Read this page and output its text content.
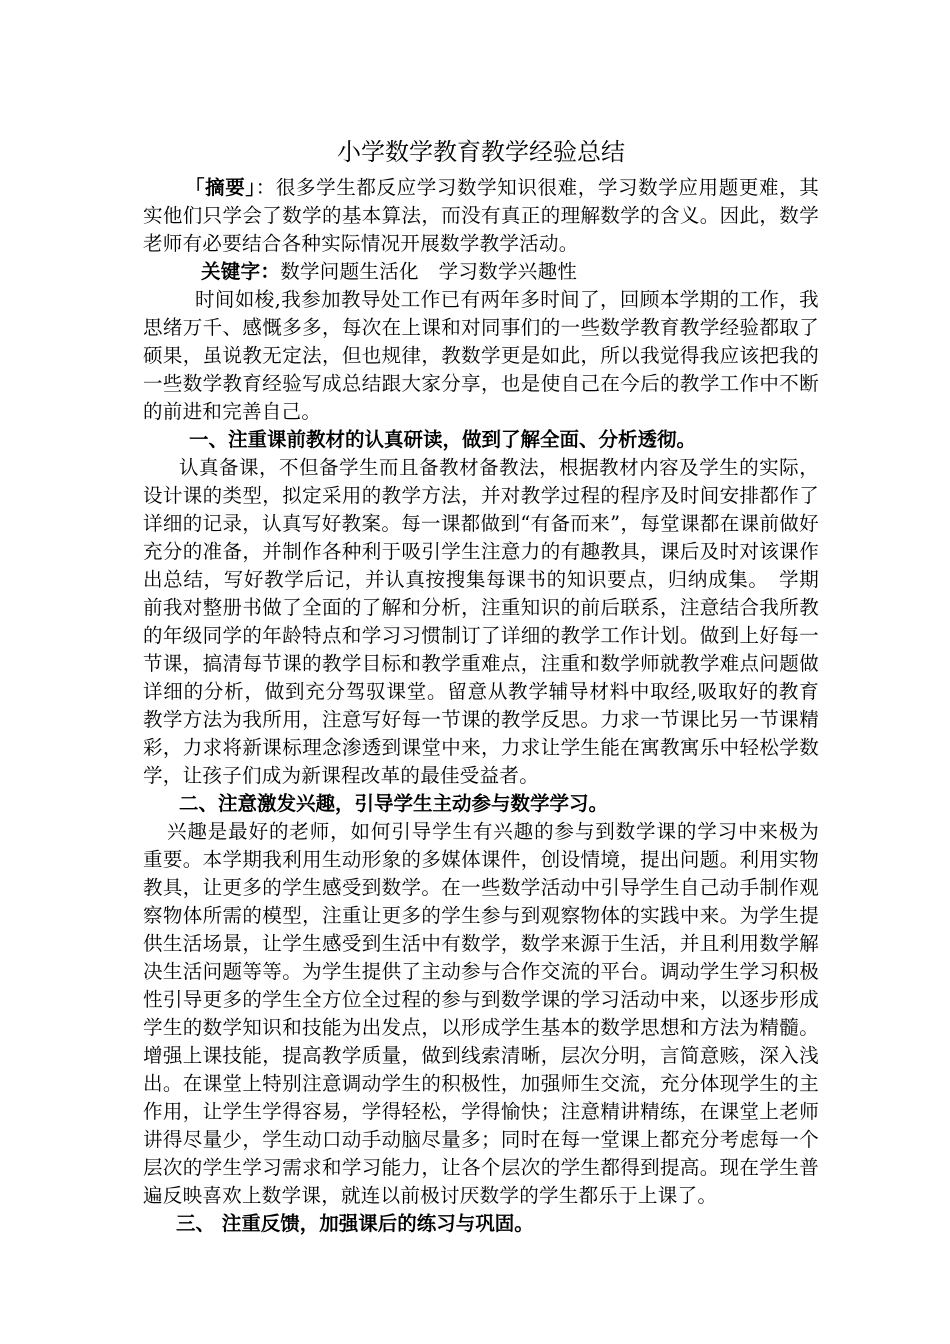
小学数学教育教学经验总结

「摘要」：很多学生都反应学习数学知识很难，学习数学应用题更难，其实他们只学会了数学的基本算法，而没有真正的理解数学的含义。因此，数学老师有必要结合各种实际情况开展数学教学活动。

关键字：数学问题生活化　学习数学兴趣性

时间如梭,我参加教导处工作已有两年多时间了，回顾本学期的工作，我思绪万千、感慨多多，每次在上课和对同事们的一些数学教育教学经验都取了硕果，虽说教无定法，但也规律，教数学更是如此，所以我觉得我应该把我的一些数学教育经验写成总结跟大家分享，也是使自己在今后的教学工作中不断的前进和完善自己。

一、注重课前教材的认真研读，做到了解全面、分析透彻。

认真备课，不但备学生而且备教材备教法，根据教材内容及学生的实际，设计课的类型，拟定采用的教学方法，并对教学过程的程序及时间安排都作了详细的记录，认真写好教案。每一课都做到“有备而来”，每堂课都在课前做好充分的准备，并制作各种利于吸引学生注意力的有趣教具，课后及时对该课作出总结，写好教学后记，并认真按搜集每课书的知识要点，归纳成集。　学期前我对整册书做了全面的了解和分析，注重知识的前后联系，注意结合我所教的年级同学的年龄特点和学习习惯制订了详细的教学工作计划。做到上好每一节课，搞清每节课的教学目标和教学重难点，注重和数学师就教学难点问题做详细的分析，做到充分驾驭课堂。留意从教学辅导材料中取经,吸取好的教育教学方法为我所用，注意写好每一节课的教学反思。力求一节课比另一节课精彩，力求将新课标理念渗透到课堂中来，力求让学生能在寓教寓乐中轻松学数学，让孩子们成为新课程改革的最佳受益者。

二、注意激发兴趣，引导学生主动参与数学学习。

兴趣是最好的老师，如何引导学生有兴趣的参与到数学课的学习中来极为重要。本学期我利用生动形象的多媒体课件，创设情境，提出问题。利用实物教具，让更多的学生感受到数学。在一些数学活动中引导学生自己动手制作观察物体所需的模型，注重让更多的学生参与到观察物体的实践中来。为学生提供生活场景，让学生感受到生活中有数学，数学来源于生活，并且利用数学解决生活问题等等。为学生提供了主动参与合作交流的平台。调动学生学习积极性引导更多的学生全方位全过程的参与到数学课的学习活动中来，以逐步形成学生的数学知识和技能为出发点，以形成学生基本的数学思想和方法为精髓。增强上课技能，提高教学质量，做到线索清晰，层次分明，言简意赅，深入浅出。在课堂上特别注意调动学生的积极性，加强师生交流，充分体现学生的主作用，让学生学得容易，学得轻松，学得愉快；注意精讲精练，在课堂上老师讲得尽量少，学生动口动手动脑尽量多；同时在每一堂课上都充分考虑每一个层次的学生学习需求和学习能力，让各个层次的学生都得到提高。现在学生普遍反映喜欢上数学课，就连以前极讨厌数学的学生都乐于上课了。

三、 注重反馈，加强课后的练习与巩固。
